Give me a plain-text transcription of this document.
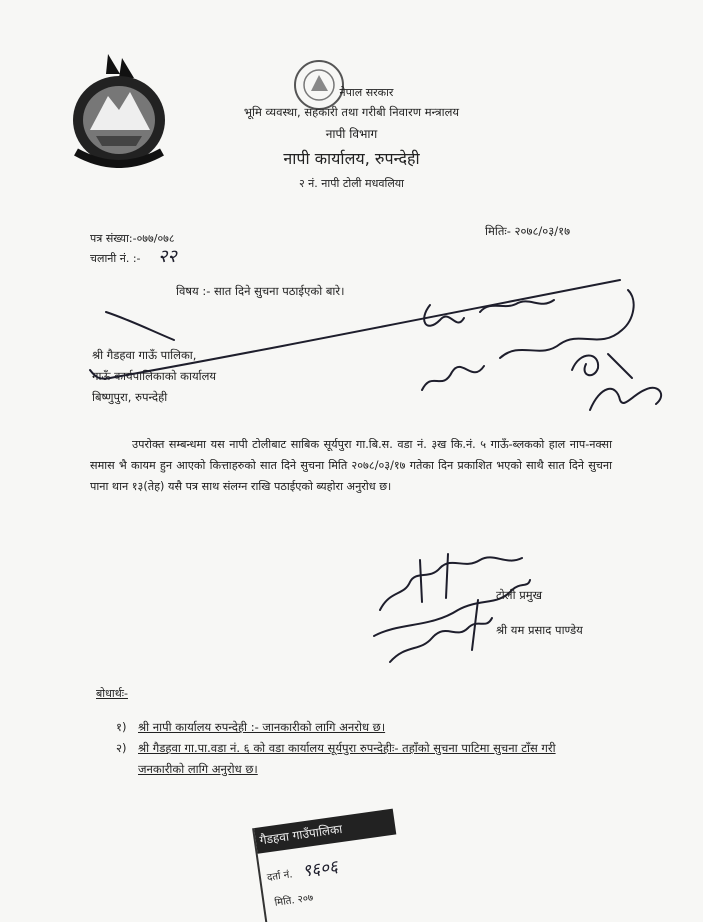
नेपाल सरकार
भूमि व्यवस्था, सहकारी तथा गरीबी निवारण मन्त्रालय
नापी विभाग
नापी कार्यालय, रुपन्देही
२ नं. नापी टोली मधवलिया
पत्र संख्या:-०७७/०७८
चलानी नं. :- २२
मितिः- २०७८/०३/१७
विषय :- सात दिने सुचना पठाईएको बारे।
श्री गैडहवा गाऊँ पालिका,
गाऊँ कार्यपालिकाको कार्यालय
बिष्णुपुरा, रुपन्देही
उपरोक्त सम्बन्धमा यस नापी टोलीबाट साबिक सूर्यपुरा गा.बि.स. वडा नं. ३ख कि.नं. ५ गाऊँ-ब्लकको हाल नाप-नक्सा समास भै कायम हुन आएको कित्ताहरुको सात दिने सुचना मिति २०७८/०३/१७ गतेका दिन प्रकाशित भएको साथै सात दिने सुचना पाना थान १३(तेह) यसै पत्र साथ संलग्न राखि पठाईएको ब्यहोरा अनुरोध छ।
टोली प्रमुख
श्री यम प्रसाद पाण्डेय
बोधार्थः-
१) श्री नापी कार्यालय रुपन्देही :- जानकारीको लागि अनरोध छ।
२) श्री गैडहवा गा.पा.वडा नं. ६ को वडा कार्यालय सूर्यपुरा रुपन्देहीः- तहाँको सुचना पाटिमा सुचना टाँस गरी
जनकारीको लागि अनुरोध छ।
गैडहवा गाउँपालिका
दर्ता नं. ९६०६
मिति. २०७
